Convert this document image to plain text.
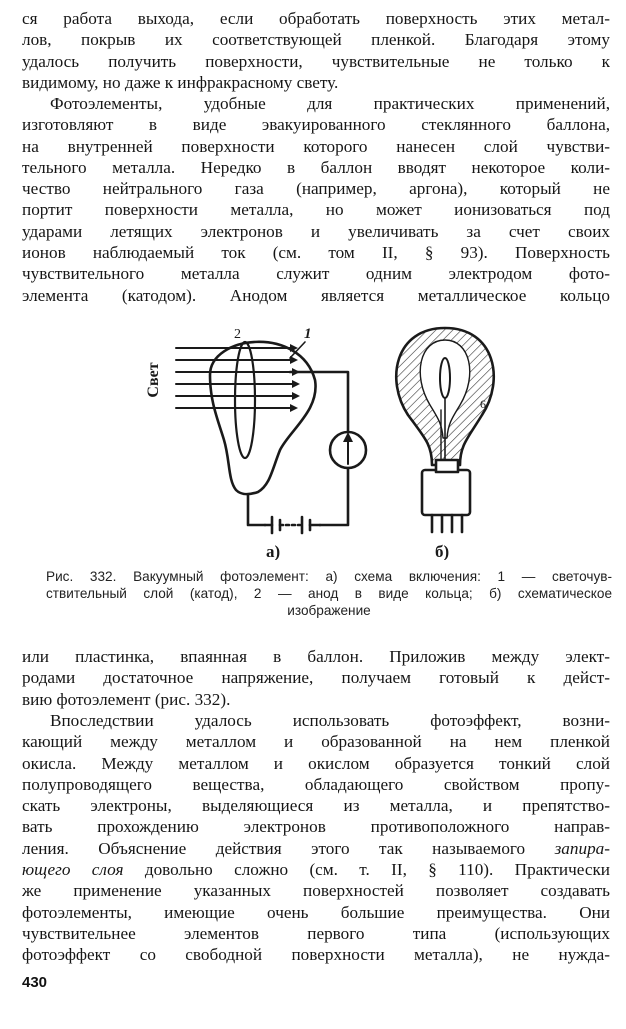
ся работа выхода, если обработать поверхность этих метал-
лов, покрыв их соответствующей пленкой. Благодаря этому
удалось получить поверхности, чувствительные не только к
видимому, но даже к инфракрасному свету.

Фотоэлементы, удобные для практических применений,
изготовляют в виде эвакуированного стеклянного баллона,
на внутренней поверхности которого нанесен слой чувстви-
тельного металла. Нередко в баллон вводят некоторое коли-
чество нейтрального газа (например, аргона), который не
портит поверхности металла, но может ионизоваться под
ударами летящих электронов и увеличивать за счет своих
ионов наблюдаемый ток (см. том II, § 93). Поверхность
чувствительного металла служит одним электродом фото-
элемента (катодом). Анодом является металлическое кольцо

Свет
2	1
6
а)	б)

Рис. 332. Вакуумный фотоэлемент: а) схема включения: 1 — светочув-
ствительный слой (катод), 2 — анод в виде кольца; б) схематическое
изображение

или пластинка, впаянная в баллон. Приложив между элект-
родами достаточное напряжение, получаем готовый к дейст-
вию фотоэлемент (рис. 332).

Впоследствии удалось использовать фотоэффект, возни-
кающий между металлом и образованной на нем пленкой
окисла. Между металлом и окислом образуется тонкий слой
полупроводящего вещества, обладающего свойством пропу-
скать электроны, выделяющиеся из металла, и препятство-
вать прохождению электронов противоположного направ-
ления. Объяснение действия этого так называемого запира-
ющего слоя довольно сложно (см. т. II, § 110). Практически
же применение указанных поверхностей позволяет создавать
фотоэлементы, имеющие очень большие преимущества. Они
чувствительнее элементов первого типа (использующих
фотоэффект со свободной поверхности металла), не нужда-

430
